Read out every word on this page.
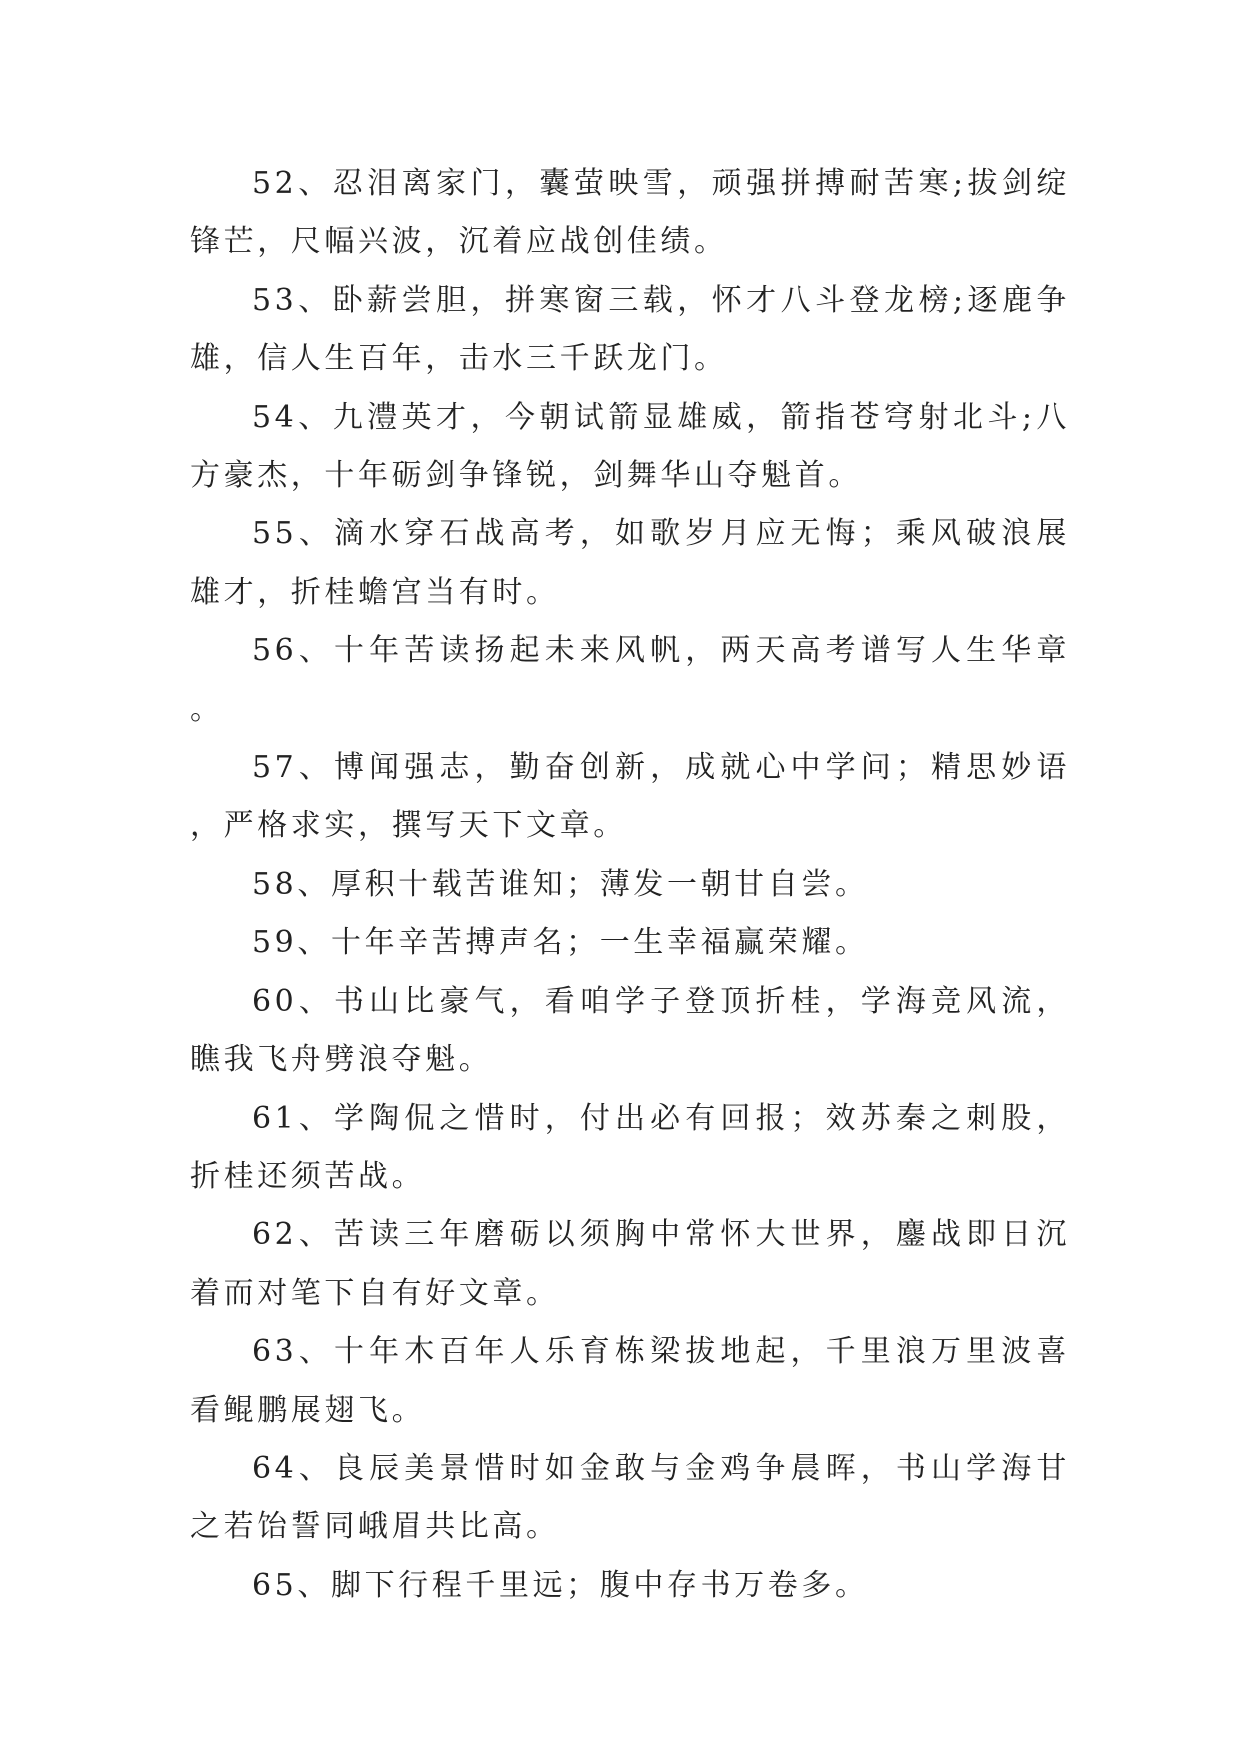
52、忍泪离家门，囊萤映雪，顽强拼搏耐苦寒;拔剑绽锋芒，尺幅兴波，沉着应战创佳绩。

53、卧薪尝胆，拼寒窗三载，怀才八斗登龙榜;逐鹿争雄，信人生百年，击水三千跃龙门。

54、九澧英才，今朝试箭显雄威，箭指苍穹射北斗;八方豪杰，十年砺剑争锋锐，剑舞华山夺魁首。

55、滴水穿石战高考，如歌岁月应无悔；乘风破浪展雄才，折桂蟾宫当有时。

56、十年苦读扬起未来风帆，两天高考谱写人生华章。

57、博闻强志，勤奋创新，成就心中学问；精思妙语，严格求实，撰写天下文章。

58、厚积十载苦谁知；薄发一朝甘自尝。

59、十年辛苦搏声名；一生幸福赢荣耀。

60、书山比豪气，看咱学子登顶折桂，学海竞风流，瞧我飞舟劈浪夺魁。

61、学陶侃之惜时，付出必有回报；效苏秦之刺股，折桂还须苦战。

62、苦读三年磨砺以须胸中常怀大世界，鏖战即日沉着而对笔下自有好文章。

63、十年木百年人乐育栋梁拔地起，千里浪万里波喜看鲲鹏展翅飞。

64、良辰美景惜时如金敢与金鸡争晨晖，书山学海甘之若饴誓同峨眉共比高。

65、脚下行程千里远；腹中存书万卷多。
